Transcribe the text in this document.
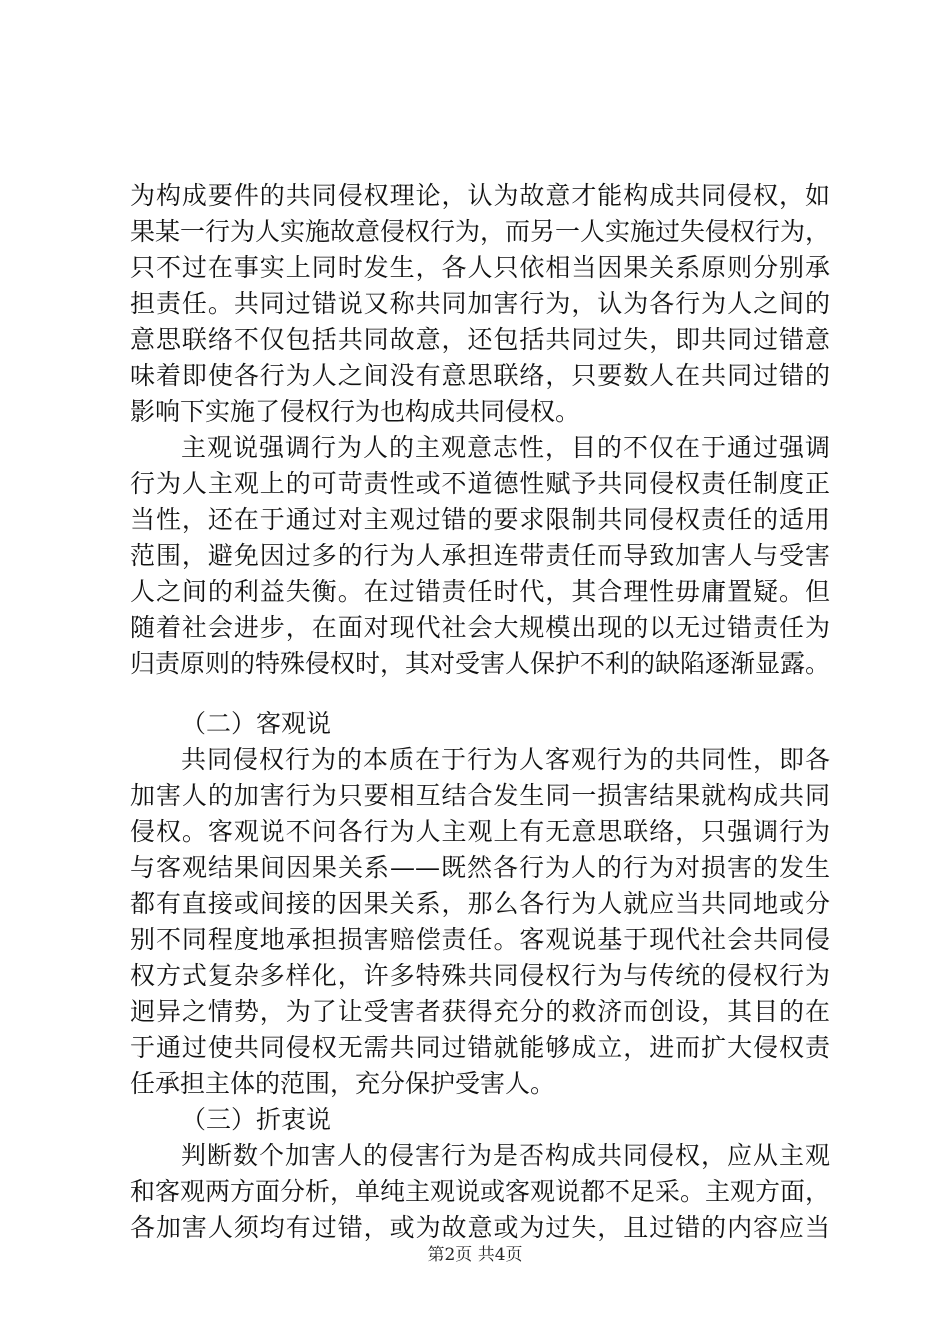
为构成要件的共同侵权理论，认为故意才能构成共同侵权，如
果某一行为人实施故意侵权行为，而另一人实施过失侵权行为，
只不过在事实上同时发生，各人只依相当因果关系原则分别承
担责任。共同过错说又称共同加害行为，认为各行为人之间的
意思联络不仅包括共同故意，还包括共同过失，即共同过错意
味着即使各行为人之间没有意思联络，只要数人在共同过错的
影响下实施了侵权行为也构成共同侵权。
主观说强调行为人的主观意志性，目的不仅在于通过强调
行为人主观上的可苛责性或不道德性赋予共同侵权责任制度正
当性，还在于通过对主观过错的要求限制共同侵权责任的适用
范围，避免因过多的行为人承担连带责任而导致加害人与受害
人之间的利益失衡。在过错责任时代，其合理性毋庸置疑。但
随着社会进步，在面对现代社会大规模出现的以无过错责任为
归责原则的特殊侵权时，其对受害人保护不利的缺陷逐渐显露。
（二）客观说
共同侵权行为的本质在于行为人客观行为的共同性，即各
加害人的加害行为只要相互结合发生同一损害结果就构成共同
侵权。客观说不问各行为人主观上有无意思联络，只强调行为
与客观结果间因果关系——既然各行为人的行为对损害的发生
都有直接或间接的因果关系，那么各行为人就应当共同地或分
别不同程度地承担损害赔偿责任。客观说基于现代社会共同侵
权方式复杂多样化，许多特殊共同侵权行为与传统的侵权行为
迥异之情势，为了让受害者获得充分的救济而创设，其目的在
于通过使共同侵权无需共同过错就能够成立，进而扩大侵权责
任承担主体的范围，充分保护受害人。
（三）折衷说
判断数个加害人的侵害行为是否构成共同侵权，应从主观
和客观两方面分析，单纯主观说或客观说都不足采。主观方面，
各加害人须均有过错，或为故意或为过失，且过错的内容应当
第2页 共4页
